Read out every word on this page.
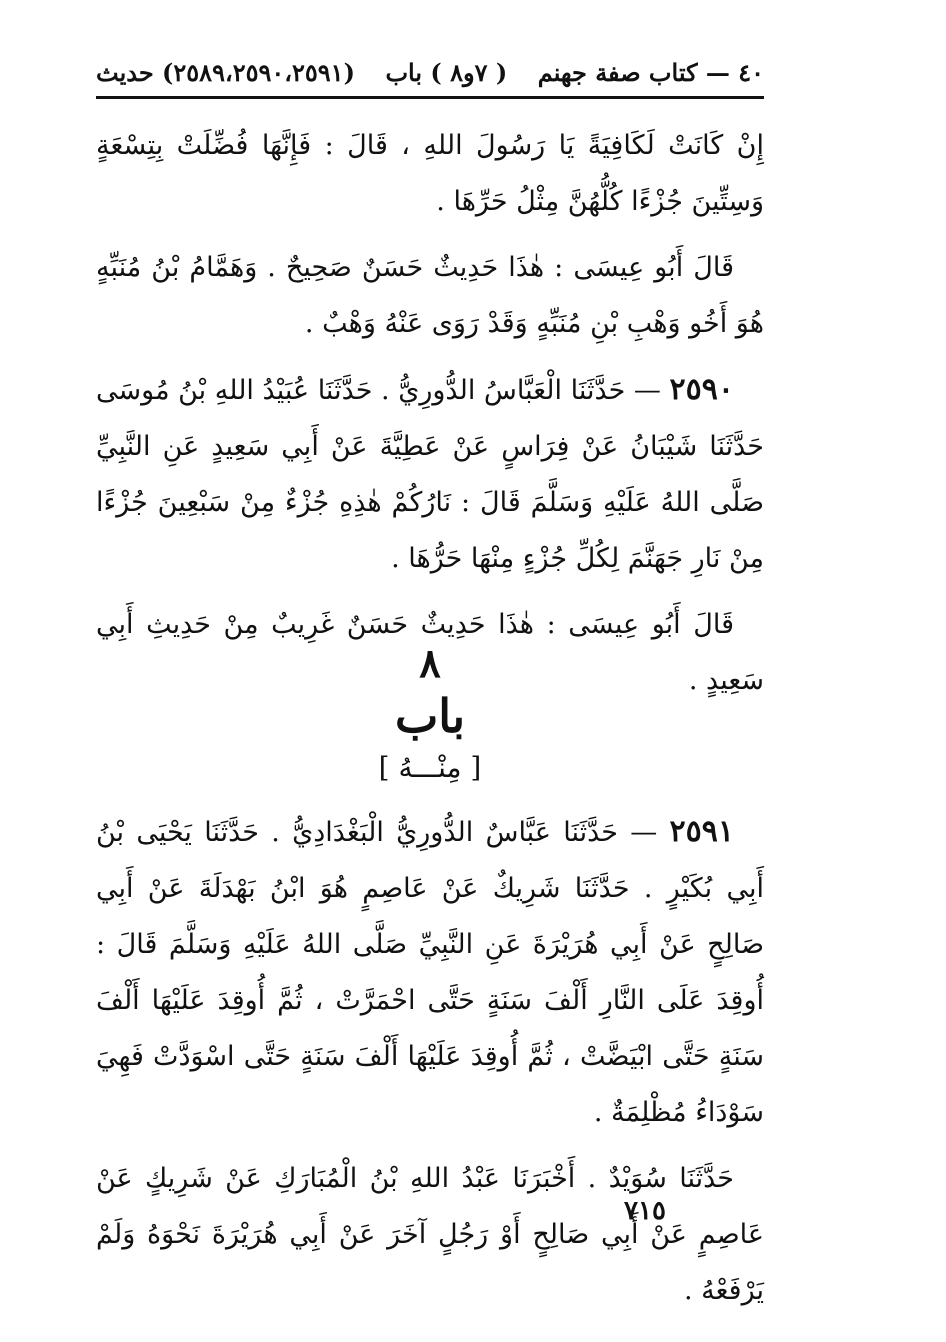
٤٠ — كتاب صفة جهنم
( ٧و٨ ) باب
(٢٥٨٩،٢٥٩٠،٢٥٩١) حديث

إِنْ كَانَتْ لَكَافِيَةً يَا رَسُولَ اللهِ ، قَالَ : فَإِنَّهَا فُضِّلَتْ بِتِسْعَةٍ وَسِتِّينَ جُزْءًا كُلُّهُنَّ مِثْلُ حَرِّهَا .

قَالَ أَبُو عِيسَى : هٰذَا حَدِيثٌ حَسَنٌ صَحِيحٌ . وَهَمَّامُ بْنُ مُنَبِّهٍ هُوَ أَخُو وَهْبِ بْنِ مُنَبِّهٍ وَقَدْ رَوَى عَنْهُ وَهْبٌ .

٢٥٩٠ — حَدَّثَنَا الْعَبَّاسُ الدُّورِيُّ . حَدَّثَنَا عُبَيْدُ اللهِ بْنُ مُوسَى حَدَّثَنَا شَيْبَانُ عَنْ فِرَاسٍ عَنْ عَطِيَّةَ عَنْ أَبِي سَعِيدٍ عَنِ النَّبِيِّ صَلَّى اللهُ عَلَيْهِ وَسَلَّمَ قَالَ : نَارُكُمْ هٰذِهِ جُزْءٌ مِنْ سَبْعِينَ جُزْءًا مِنْ نَارِ جَهَنَّمَ لِكُلِّ جُزْءٍ مِنْهَا حَرُّهَا .

قَالَ أَبُو عِيسَى : هٰذَا حَدِيثٌ حَسَنٌ غَرِيبٌ مِنْ حَدِيثِ أَبِي سَعِيدٍ .

٨
باب
[ مِنْـــهُ ]

٢٥٩١ — حَدَّثَنَا عَبَّاسٌ الدُّورِيُّ الْبَغْدَادِيُّ . حَدَّثَنَا يَحْيَى بْنُ أَبِي بُكَيْرٍ . حَدَّثَنَا شَرِيكٌ عَنْ عَاصِمٍ هُوَ ابْنُ بَهْدَلَةَ عَنْ أَبِي صَالِحٍ عَنْ أَبِي هُرَيْرَةَ عَنِ النَّبِيِّ صَلَّى اللهُ عَلَيْهِ وَسَلَّمَ قَالَ : أُوقِدَ عَلَى النَّارِ أَلْفَ سَنَةٍ حَتَّى احْمَرَّتْ ، ثُمَّ أُوقِدَ عَلَيْهَا أَلْفَ سَنَةٍ حَتَّى ابْيَضَّتْ ، ثُمَّ أُوقِدَ عَلَيْهَا أَلْفَ سَنَةٍ حَتَّى اسْوَدَّتْ فَهِيَ سَوْدَاءُ مُظْلِمَةٌ .

حَدَّثَنَا سُوَيْدٌ . أَخْبَرَنَا عَبْدُ اللهِ بْنُ الْمُبَارَكِ عَنْ شَرِيكٍ عَنْ عَاصِمٍ عَنْ أَبِي صَالِحٍ أَوْ رَجُلٍ آخَرَ عَنْ أَبِي هُرَيْرَةَ نَحْوَهُ وَلَمْ يَرْفَعْهُ .

٧١٥
